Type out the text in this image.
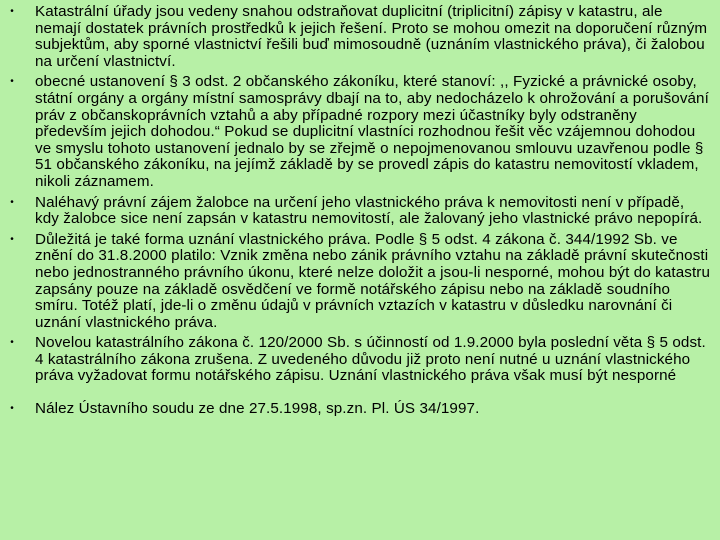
• Katastrální úřady jsou vedeny snahou odstraňovat duplicitní (triplicitní) zápisy v katastru, ale nemají dostatek právních prostředků k jejich řešení. Proto se mohou omezit na doporučení různým subjektům, aby sporné vlastnictví řešili buď mimosoudně (uznáním vlastnického práva), či žalobou na určení vlastnictví.
• obecné ustanovení § 3 odst. 2 občanského zákoníku, které stanoví: ,, Fyzické a právnické osoby, státní orgány a orgány místní samosprávy dbají na to, aby nedocházelo k ohrožování a porušování práv z občanskoprávních vztahů a aby případné rozpory mezi účastníky byly odstraněny především jejich dohodou.“ Pokud se duplicitní vlastníci rozhodnou řešit věc vzájemnou dohodou ve smyslu tohoto ustanovení jednalo by se zřejmě o nepojmenovanou smlouvu uzavřenou podle § 51 občanského zákoníku, na jejímž základě by se provedl zápis do katastru nemovitostí vkladem, nikoli záznamem.
• Naléhavý právní zájem žalobce na určení jeho vlastnického práva k nemovitosti není v případě, kdy žalobce sice není zapsán v katastru nemovitostí, ale žalovaný jeho vlastnické právo nepopírá.
• Důležitá je také forma uznání vlastnického práva. Podle § 5 odst. 4 zákona č. 344/1992 Sb. ve znění do 31.8.2000 platilo: Vznik změna nebo zánik právního vztahu na základě právní skutečnosti nebo jednostranného právního úkonu, které nelze doložit a jsou-li nesporné, mohou být do katastru zapsány pouze na základě osvědčení ve formě notářského zápisu nebo na základě soudního smíru. Totéž platí, jde-li o změnu údajů v právních vztazích v katastru v důsledku narovnání či uznání vlastnického práva.
• Novelou katastrálního zákona č. 120/2000 Sb. s účinností od 1.9.2000 byla poslední věta § 5 odst. 4 katastrálního zákona zrušena. Z uvedeného důvodu již proto není nutné u uznání vlastnického práva vyžadovat formu notářského zápisu. Uznání vlastnického práva však musí být nesporné
• Nález Ústavního soudu ze dne 27.5.1998, sp.zn. Pl. ÚS 34/1997.
